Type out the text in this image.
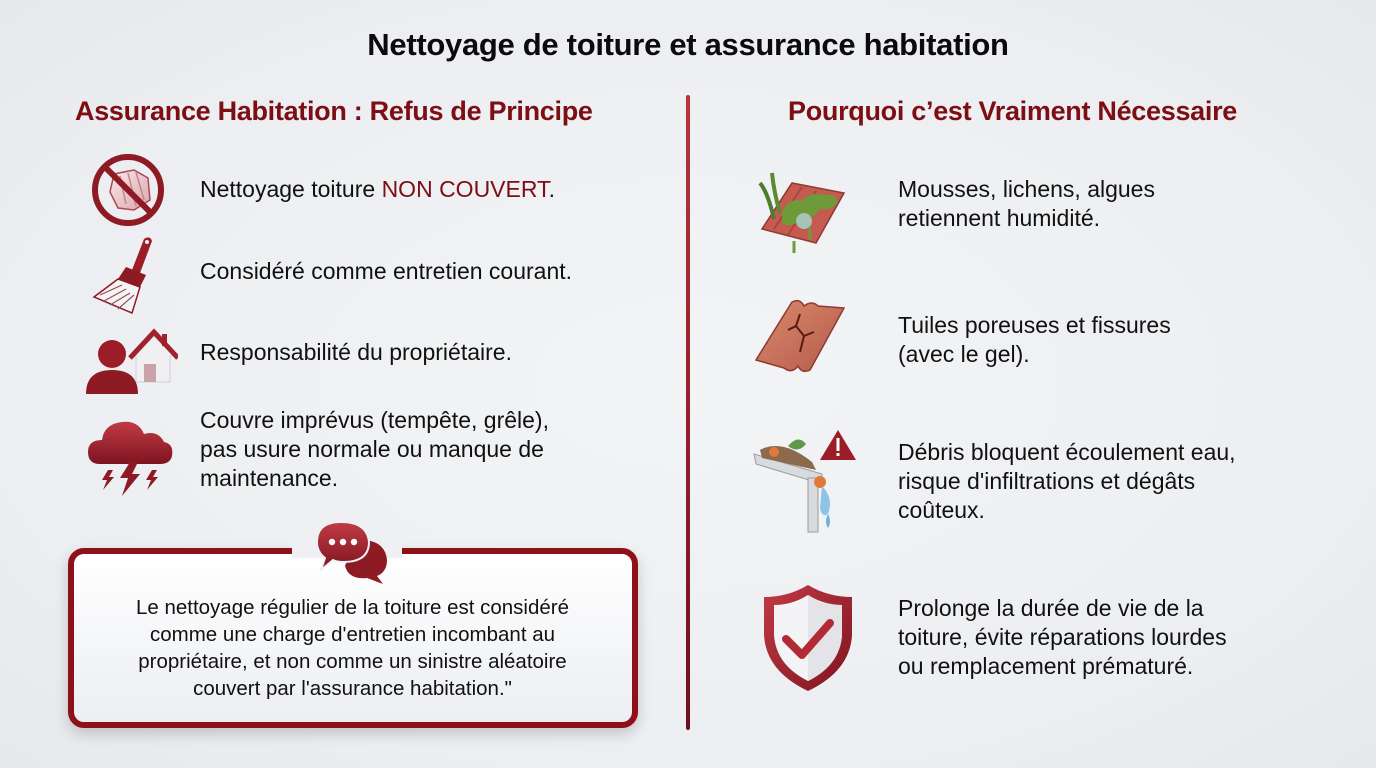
Nettoyage de toiture et assurance habitation
Assurance Habitation : Refus de Principe	Pourquoi c’est Vraiment Nécessaire
Nettoyage toiture NON COUVERT.
Considéré comme entretien courant.
Responsabilité du propriétaire.
Couvre imprévus (tempête, grêle),
pas usure normale ou manque de
maintenance.
Le nettoyage régulier de la toiture est considéré
comme une charge d'entretien incombant au
propriétaire, et non comme un sinistre aléatoire
couvert par l'assurance habitation."
Mousses, lichens, algues
retiennent humidité.
Tuiles poreuses et fissures
(avec le gel).
Débris bloquent écoulement eau,
risque d'infiltrations et dégâts
coûteux.
Prolonge la durée de vie de la
toiture, évite réparations lourdes
ou remplacement prématuré.
